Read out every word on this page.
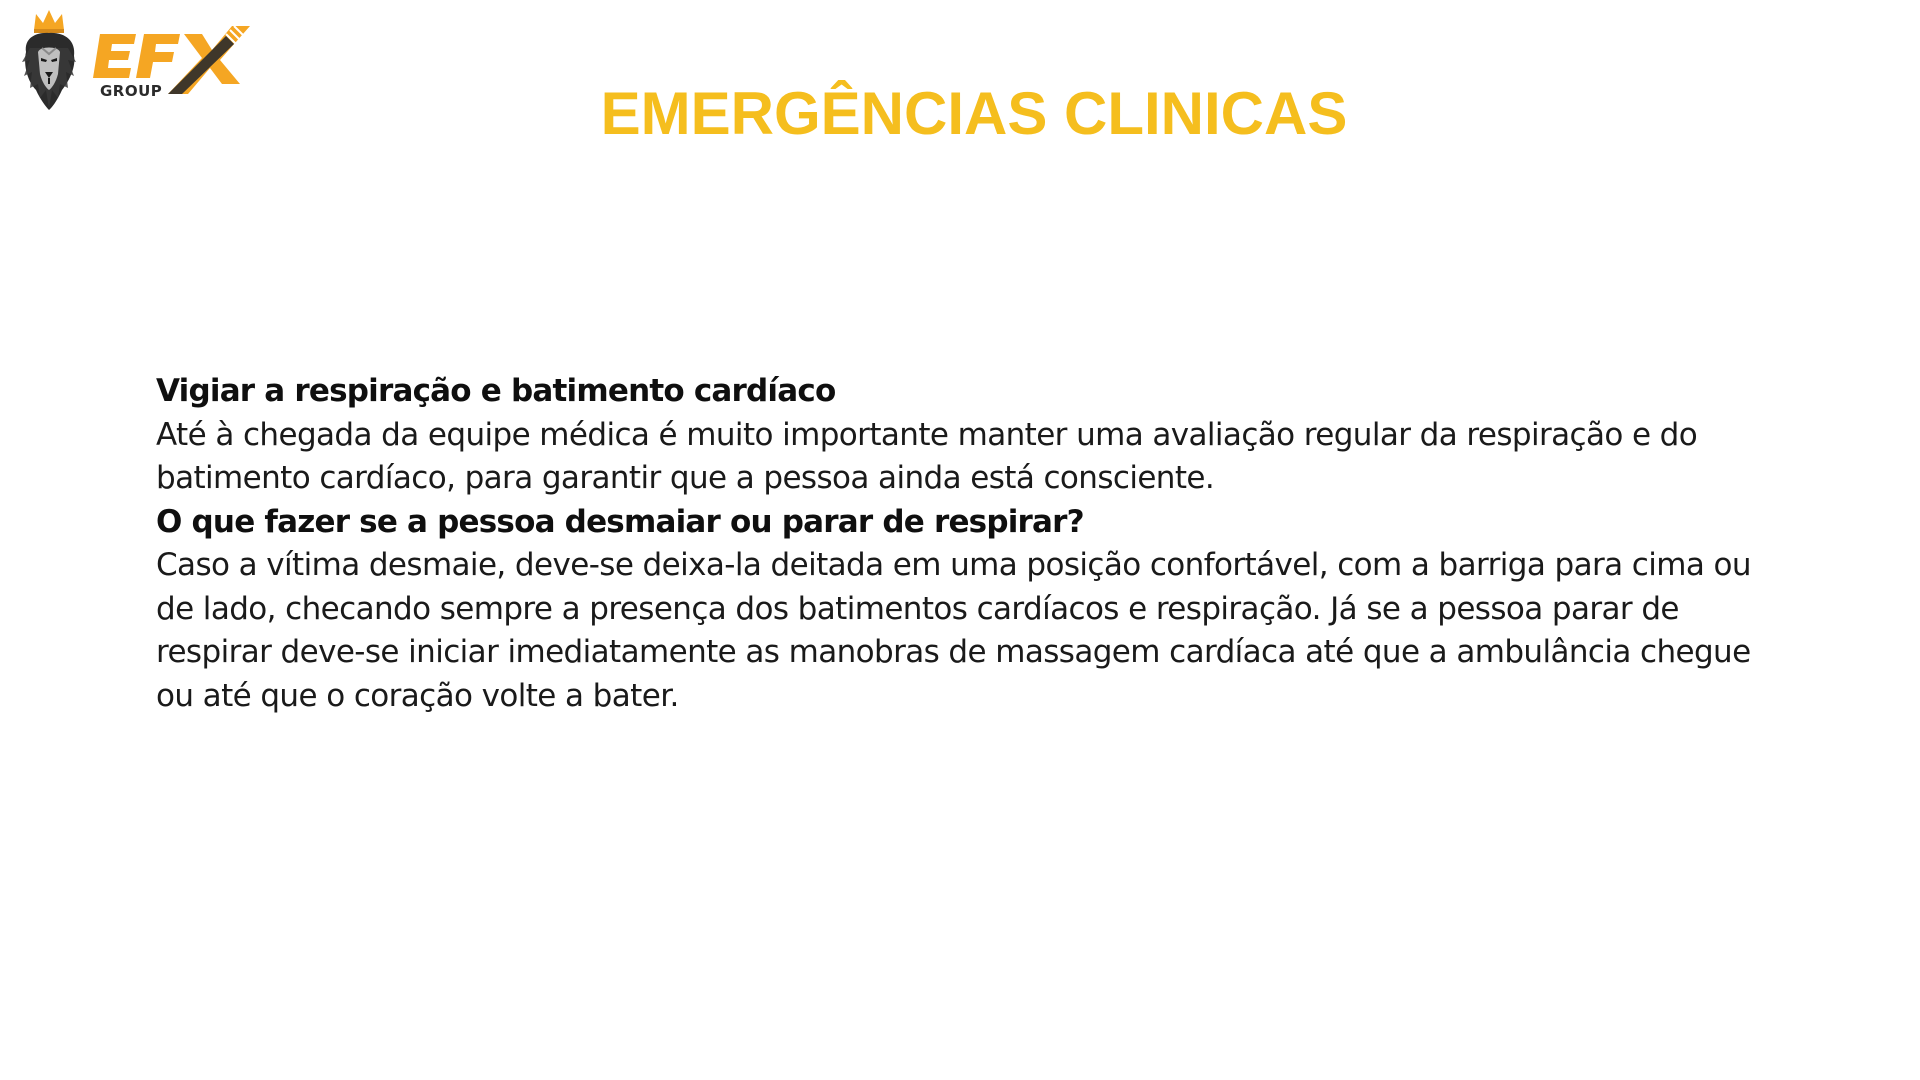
GROUP	EMERGÊNCIAS CLINICAS

Vigiar a respiração e batimento cardíaco

Até à chegada da equipe médica é muito importante manter uma avaliação regular da respiração e do batimento cardíaco, para garantir que a pessoa ainda está consciente.

O que fazer se a pessoa desmaiar ou parar de respirar?

Caso a vítima desmaie, deve-se deixa-la deitada em uma posição confortável, com a barriga para cima ou de lado, checando sempre a presença dos batimentos cardíacos e respiração. Já se a pessoa parar de respirar deve-se iniciar imediatamente as manobras de massagem cardíaca até que a ambulância chegue ou até que o coração volte a bater.
